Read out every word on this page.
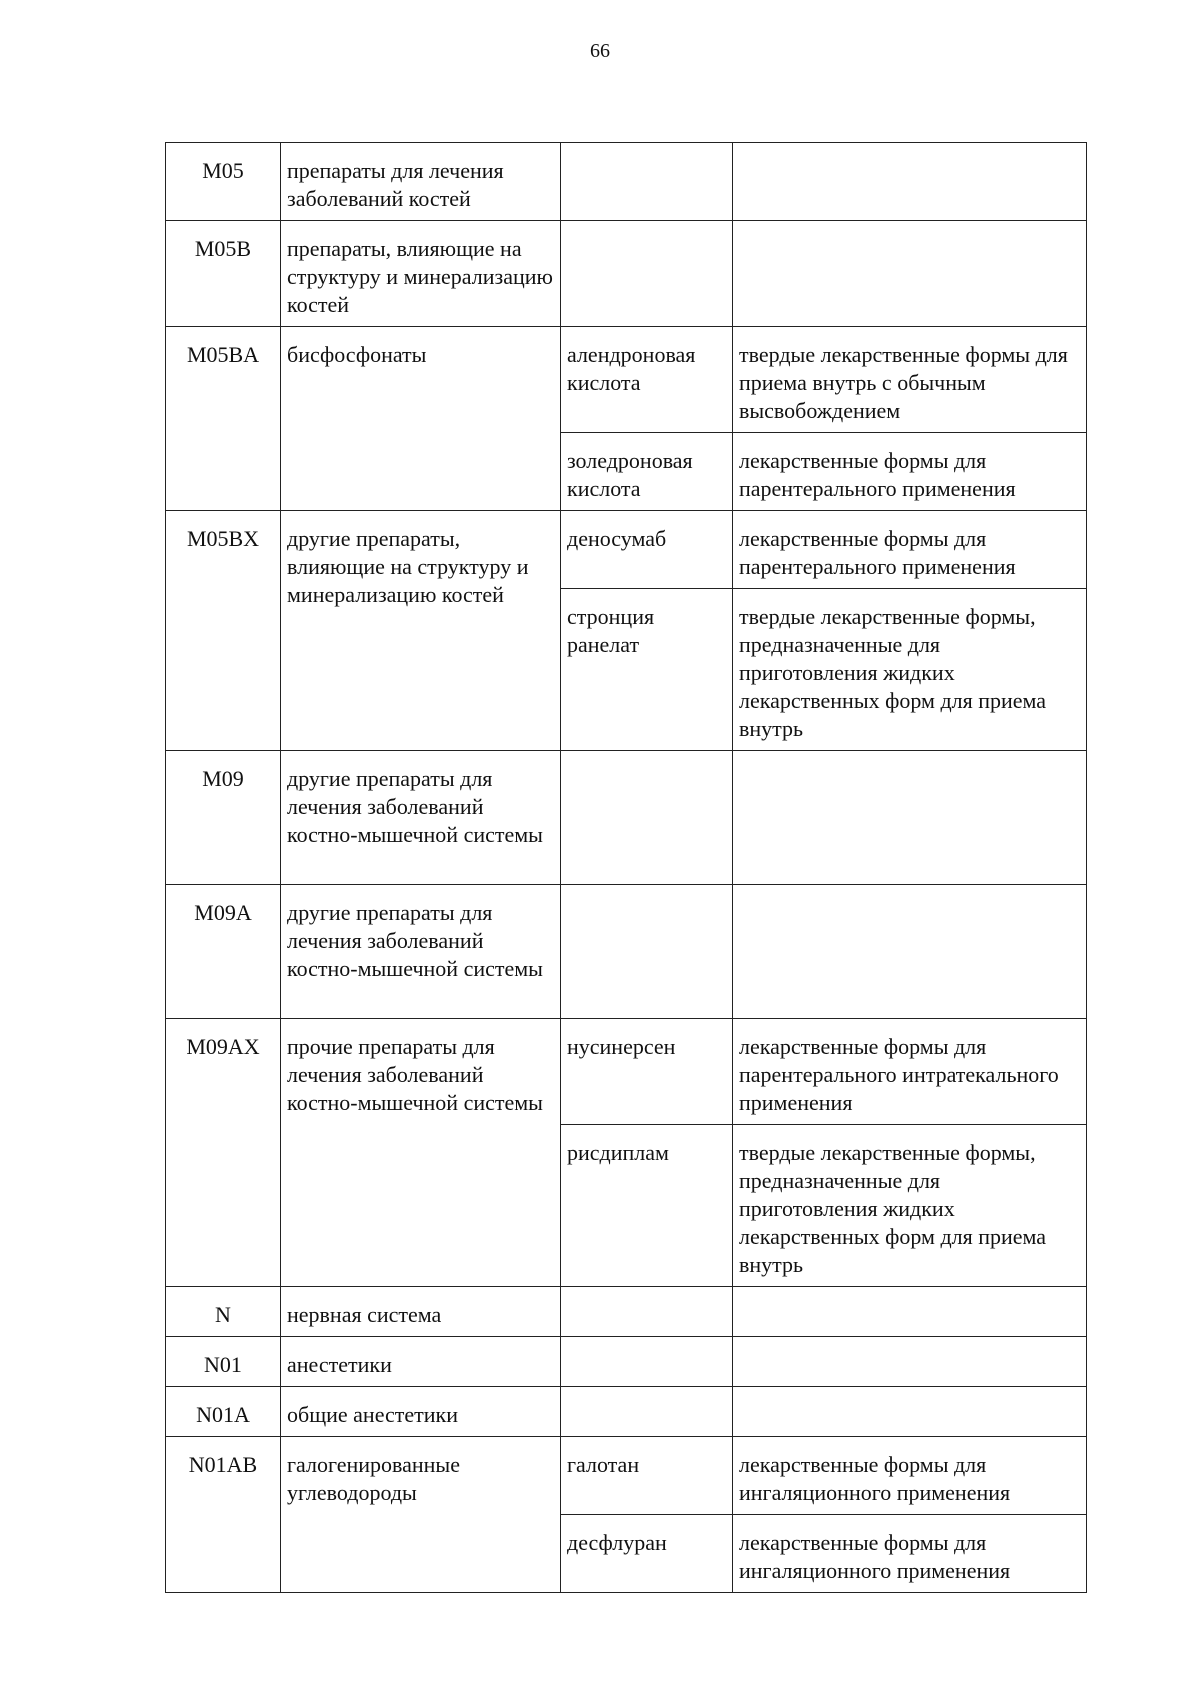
66
M05	препараты для лечения заболеваний костей		
M05B	препараты, влияющие на структуру и минерализацию костей		
M05BA	бисфосфонаты	алендроновая кислота	твердые лекарственные формы для приема внутрь с обычным высвобождением
		золедроновая кислота	лекарственные формы для парентерального применения
M05BX	другие препараты, влияющие на структуру и минерализацию костей	деносумаб	лекарственные формы для парентерального применения
		стронция ранелат	твердые лекарственные формы, предназначенные для приготовления жидких лекарственных форм для приема внутрь
M09	другие препараты для лечения заболеваний костно-мышечной системы		
M09A	другие препараты для лечения заболеваний костно-мышечной системы		
M09AX	прочие препараты для лечения заболеваний костно-мышечной системы	нусинерсен	лекарственные формы для парентерального интратекального применения
		рисдиплам	твердые лекарственные формы, предназначенные для приготовления жидких лекарственных форм для приема внутрь
N	нервная система		
N01	анестетики		
N01A	общие анестетики		
N01AB	галогенированные углеводороды	галотан	лекарственные формы для ингаляционного применения
		десфлуран	лекарственные формы для ингаляционного применения
